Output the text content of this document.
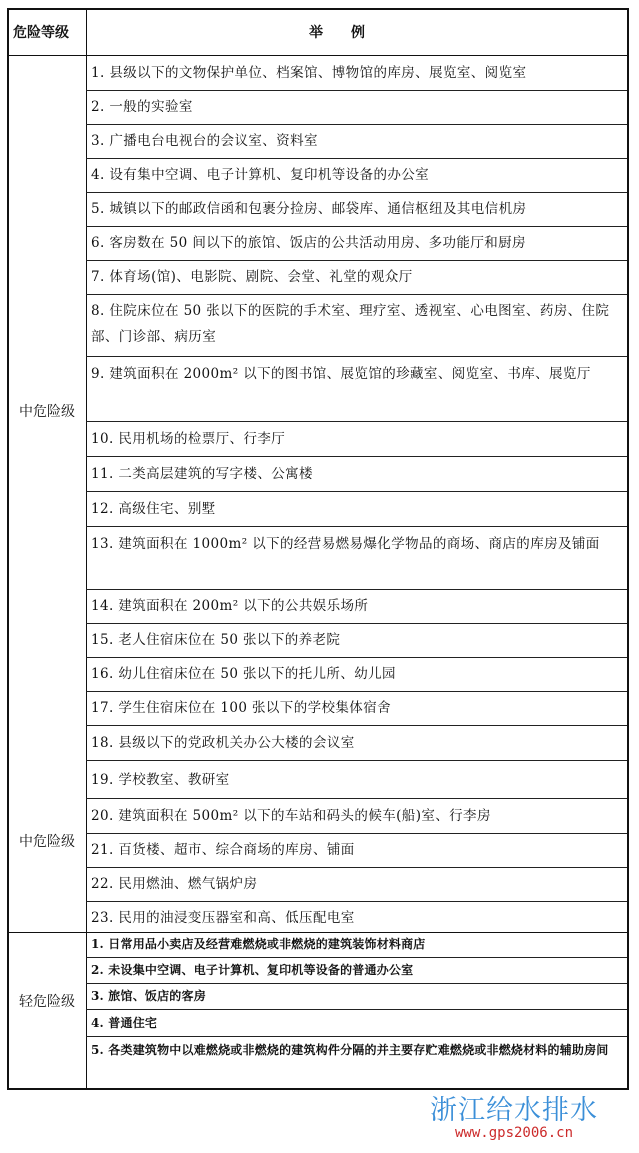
危险等级	举　　例
1. 县级以下的文物保护单位、档案馆、博物馆的库房、展览室、阅览室
2. 一般的实验室
3. 广播电台电视台的会议室、资料室
4. 设有集中空调、电子计算机、复印机等设备的办公室
5. 城镇以下的邮政信函和包裹分捡房、邮袋库、通信枢纽及其电信机房
6. 客房数在 50 间以下的旅馆、饭店的公共活动用房、多功能厅和厨房
7. 体育场(馆)、电影院、剧院、会堂、礼堂的观众厅
8. 住院床位在 50 张以下的医院的手术室、理疗室、透视室、心电图室、药房、住院部、门诊部、病历室
9. 建筑面积在 2000m² 以下的图书馆、展览馆的珍藏室、阅览室、书库、展览厅
10. 民用机场的检票厅、行李厅
11. 二类高层建筑的写字楼、公寓楼
12. 高级住宅、别墅
13. 建筑面积在 1000m² 以下的经营易燃易爆化学物品的商场、商店的库房及铺面
14. 建筑面积在 200m² 以下的公共娱乐场所
15. 老人住宿床位在 50 张以下的养老院
16. 幼儿住宿床位在 50 张以下的托儿所、幼儿园
17. 学生住宿床位在 100 张以下的学校集体宿舍
18. 县级以下的党政机关办公大楼的会议室
19. 学校教室、教研室
20. 建筑面积在 500m² 以下的车站和码头的候车(船)室、行李房
21. 百货楼、超市、综合商场的库房、铺面
22. 民用燃油、燃气锅炉房
23. 民用的油浸变压器室和高、低压配电室
中危险级
中危险级
1. 日常用品小卖店及经营难燃烧或非燃烧的建筑装饰材料商店
2. 未设集中空调、电子计算机、复印机等设备的普通办公室
3. 旅馆、饭店的客房
4. 普通住宅
5. 各类建筑物中以难燃烧或非燃烧的建筑构件分隔的并主要存贮难燃烧或非燃烧材料的辅助房间
轻危险级
浙江给水排水
www.gps2006.cn
